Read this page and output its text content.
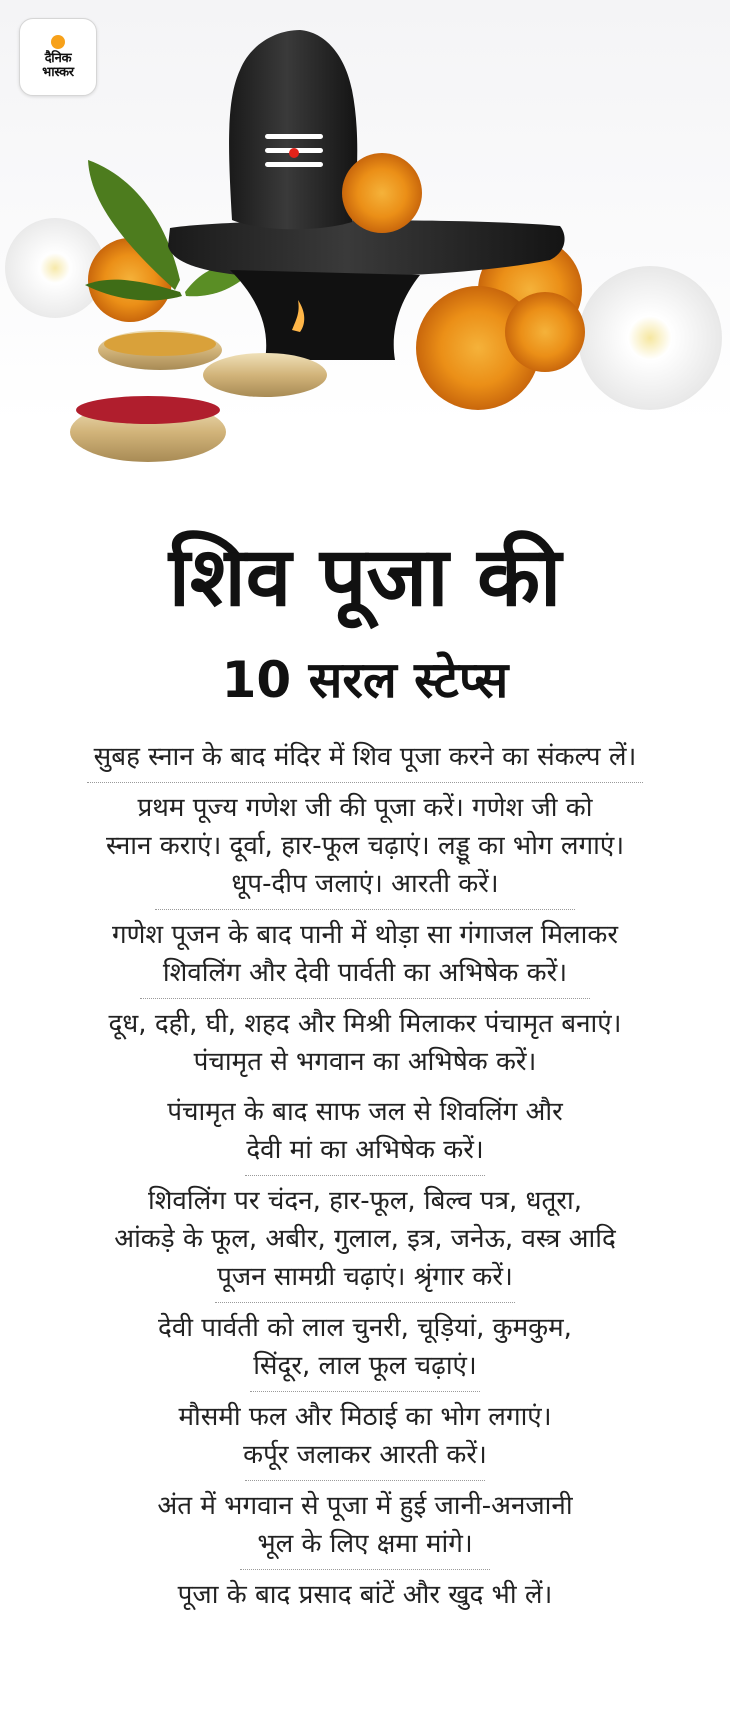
दैनिक
भास्कर
शिव पूजा की
10 सरल स्टेप्स
सुबह स्नान के बाद मंदिर में शिव पूजा करने का संकल्प लें।
प्रथम पूज्य गणेश जी की पूजा करें। गणेश जी को
स्नान कराएं। दूर्वा, हार-फूल चढ़ाएं। लड्डू का भोग लगाएं।
धूप-दीप जलाएं। आरती करें।
गणेश पूजन के बाद पानी में थोड़ा सा गंगाजल मिलाकर
शिवलिंग और देवी पार्वती का अभिषेक करें।
दूध, दही, घी, शहद और मिश्री मिलाकर पंचामृत बनाएं।
पंचामृत से भगवान का अभिषेक करें।
पंचामृत के बाद साफ जल से शिवलिंग और
देवी मां का अभिषेक करें।
शिवलिंग पर चंदन, हार-फूल, बिल्व पत्र, धतूरा,
आंकड़े के फूल, अबीर, गुलाल, इत्र, जनेऊ, वस्त्र आदि
पूजन सामग्री चढ़ाएं। श्रृंगार करें।
देवी पार्वती को लाल चुनरी, चूड़ियां, कुमकुम,
सिंदूर, लाल फूल चढ़ाएं।
मौसमी फल और मिठाई का भोग लगाएं।
कर्पूर जलाकर आरती करें।
अंत में भगवान से पूजा में हुई जानी-अनजानी
भूल के लिए क्षमा मांगे।
पूजा के बाद प्रसाद बांटें और खुद भी लें।
